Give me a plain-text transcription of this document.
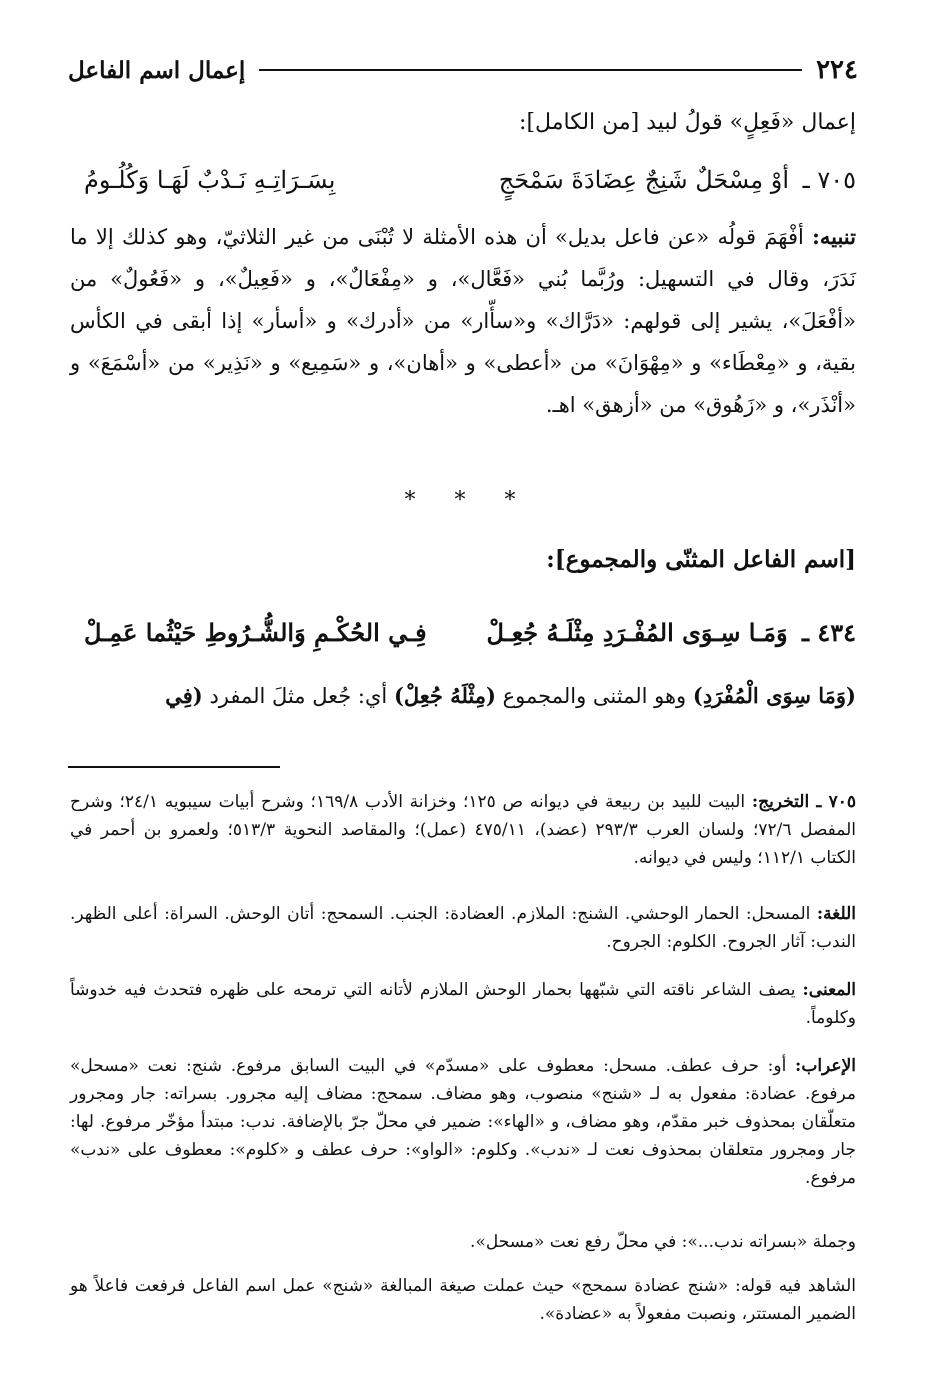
٢٢٤
إعمال اسم الفاعل
إعمال «فَعِلٍ» قولُ لبيد [من الكامل]:
٧٠٥ ـ أوْ مِسْحَلٌ شَنِجٌ عِضَادَةَ سَمْحَجٍ
بِسَـرَاتِـهِ نَـدْبٌ لَهَـا وَكُلُـومُ
تنبيه: أفْهَمَ قولُه «عن فاعل بديل» أن هذه الأمثلة لا تُبْنَى من غير الثلاثيّ، وهو كذلك إلا ما نَدَرَ، وقال في التسهيل: ورُبَّما بُني «فَعَّال»، و «مِفْعَالٌ»، و «فَعِيلٌ»، و «فَعُولٌ» من «أفْعَلَ»، يشير إلى قولهم: «دَرَّاك» و«سأّار» من «أدرك» و «أسأر» إذا أبقى في الكأس بقية، و «مِعْطَاء» و «مِهْوَانَ» من «أعطى» و «أهان»، و «سَمِيع» و «نَذِير» من «أسْمَعَ» و «أنْذَر»، و «زَهُوق» من «أزهق» اهـ.
* * *
[اسم الفاعل المثنّى والمجموع]:
٤٣٤ ـ وَمَـا سِـوَى المُفْـرَدِ مِثْلَـهُ جُعِـلْ
فِـي الحُكْـمِ وَالشُّـرُوطِ حَيْثُما عَمِـلْ
(وَمَا سِوَى الْمُفْرَدِ) وهو المثنى والمجموع (مِثْلَهُ جُعِلْ) أي: جُعل مثلَ المفرد (فِي
٧٠٥ ـ التخريج: البيت للبيد بن ربيعة في ديوانه ص ١٢٥؛ وخزانة الأدب ١٦٩/٨؛ وشرح أبيات سيبويه ٢٤/١؛ وشرح المفصل ٧٢/٦؛ ولسان العرب ٢٩٣/٣ (عضد)، ٤٧٥/١١ (عمل)؛ والمقاصد النحوية ٥١٣/٣؛ ولعمرو بن أحمر في الكتاب ١١٢/١؛ وليس في ديوانه.
اللغة: المسحل: الحمار الوحشي. الشنج: الملازم. العضادة: الجنب. السمحج: أتان الوحش. السراة: أعلى الظهر. الندب: آثار الجروح. الكلوم: الجروح.
المعنى: يصف الشاعر ناقته التي شبّهها بحمار الوحش الملازم لأتانه التي ترمحه على ظهره فتحدث فيه خدوشاً وكلوماً.
الإعراب: أو: حرف عطف. مسحل: معطوف على «مسدّم» في البيت السابق مرفوع. شنج: نعت «مسحل» مرفوع. عضادة: مفعول به لـ «شنج» منصوب، وهو مضاف. سمحج: مضاف إليه مجرور. بسراته: جار ومجرور متعلّقان بمحذوف خبر مقدّم، وهو مضاف، و «الهاء»: ضمير في محلّ جرّ بالإضافة. ندب: مبتدأ مؤخّر مرفوع. لها: جار ومجرور متعلقان بمحذوف نعت لـ «ندب». وكلوم: «الواو»: حرف عطف و «كلوم»: معطوف على «ندب» مرفوع.
وجملة «بسراته ندب...»: في محلّ رفع نعت «مسحل».
الشاهد فيه قوله: «شنج عضادة سمحج» حيث عملت صيغة المبالغة «شنج» عمل اسم الفاعل فرفعت فاعلاً هو الضمير المستتر، ونصبت مفعولاً به «عضادة».
